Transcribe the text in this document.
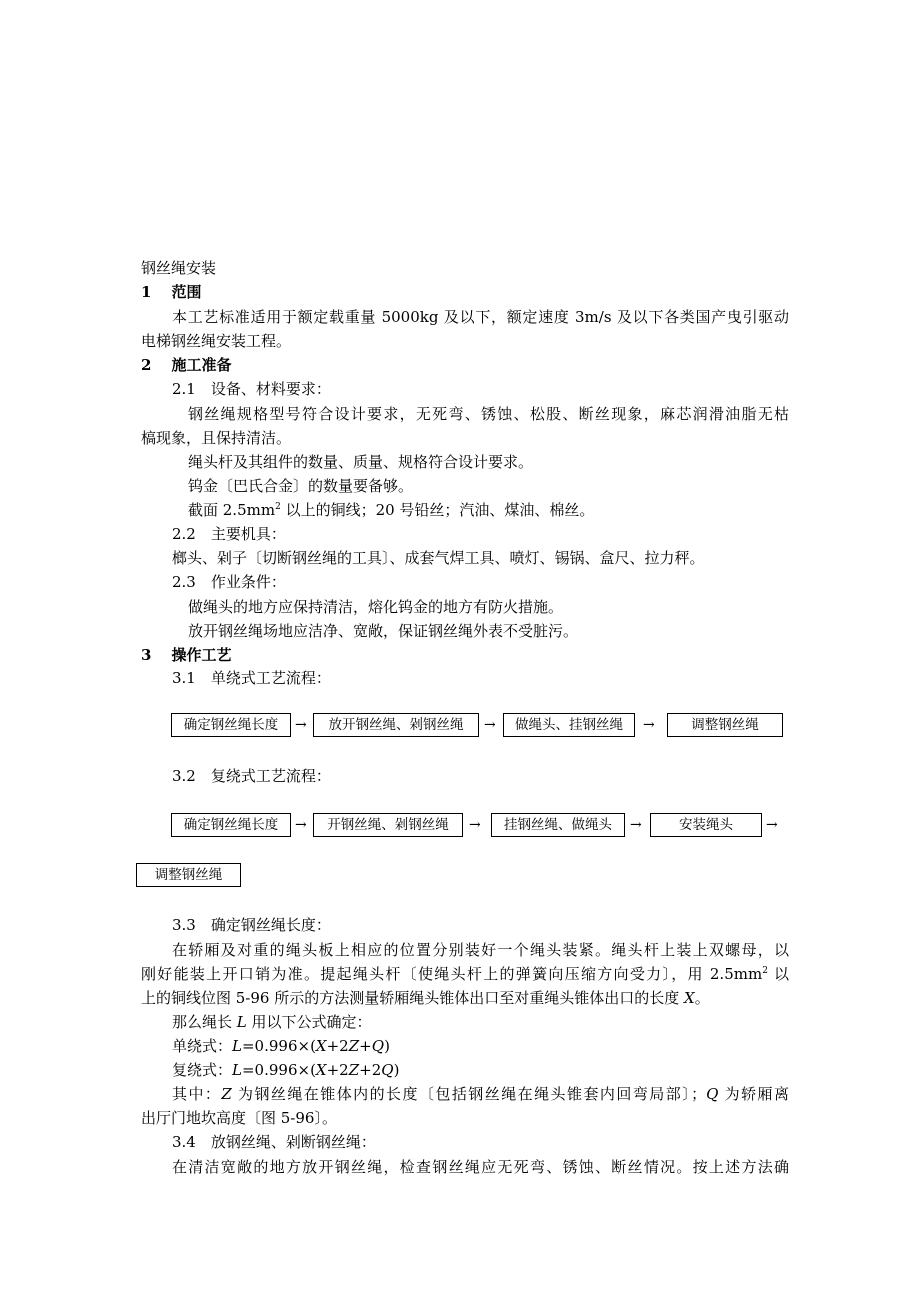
钢丝绳安装
1 范围
本工艺标准适用于额定载重量 5000kg 及以下，额定速度 3m/s 及以下各类国产曳引驱动
电梯钢丝绳安装工程。
2 施工准备
2.1　设备、材料要求：
钢丝绳规格型号符合设计要求，无死弯、锈蚀、松股、断丝现象，麻芯润滑油脂无枯
槁现象，且保持清洁。
绳头杆及其组件的数量、质量、规格符合设计要求。
钨金〔巴氏合金〕的数量要备够。
截面 $2.5mm^2$ 以上的铜线；20 号铅丝；汽油、煤油、棉丝。
2.2　主要机具：
榔头、剁子〔切断钢丝绳的工具〕、成套气焊工具、喷灯、锡锅、盒尺、拉力秤。
2.3　作业条件：
做绳头的地方应保持清洁，熔化钨金的地方有防火措施。
放开钢丝绳场地应洁净、宽敞，保证钢丝绳外表不受脏污。
3 操作工艺
3.1　单绕式工艺流程：
确定钢丝绳长度	→	放开钢丝绳、剁钢丝绳	→	做绳头、挂钢丝绳	→	调整钢丝绳
3.2　复绕式工艺流程：
确定钢丝绳长度	→	开钢丝绳、剁钢丝绳	→	挂钢丝绳、做绳头	→	安装绳头	→
调整钢丝绳
3.3　确定钢丝绳长度：
在轿厢及对重的绳头板上相应的位置分别装好一个绳头装紧。绳头杆上装上双螺母，以
刚好能装上开口销为准。提起绳头杆〔使绳头杆上的弹簧向压缩方向受力〕，用 $2.5mm^2$ 以
上的铜线位图 5-96 所示的方法测量轿厢绳头锥体出口至对重绳头锥体出口的长度 X。
那么绳长 L 用以下公式确定：
单绕式：L=0.996×(X+2Z+Q)
复绕式：L=0.996×(X+2Z+2Q)
其中：Z 为钢丝绳在锥体内的长度〔包括钢丝绳在绳头锥套内回弯局部〕；Q 为轿厢离
出厅门地坎高度〔图 5-96〕。
3.4　放钢丝绳、剁断钢丝绳：
在清洁宽敞的地方放开钢丝绳，检查钢丝绳应无死弯、锈蚀、断丝情况。按上述方法确
